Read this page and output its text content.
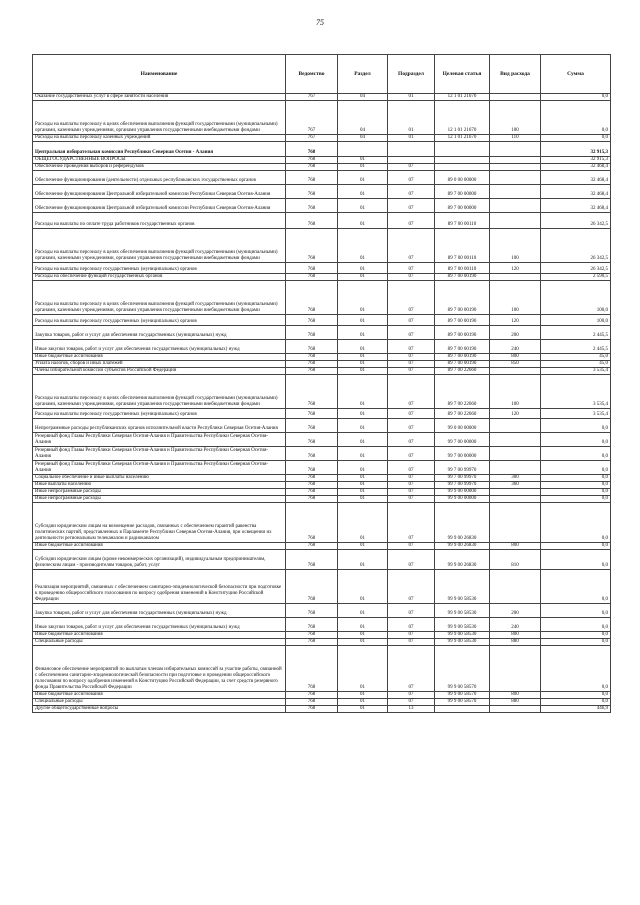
75
Наименование	Ведомство	Раздел	Подраздел	Целевая статья	Вид расхода	Сумма
Оказание государственных услуг в сфере занятости населения	767	04	01	12 1 01 21670		0,0
Расходы на выплаты персоналу в целях обеспечения выполнения функций государственными (муниципальными) органами, казенными учреждениями, органами управления государственными внебюджетными фондами	767	04	01	12 1 01 21670	100	0,0
Расходы на выплаты персоналу казенных учреждений	767	04	01	12 1 01 21670	110	0,0
Центральная избирательная комиссия Республики Северная Осетия - Алания	768					32 915,3
ОБЩЕГОСУДАРСТВЕННЫЕ ВОПРОСЫ	768	01				32 915,3
Обеспечение проведения выборов и референдумов	768	01	07			32 468,4
Обеспечение функционирования (деятельности) отдельных республиканских государственных органов	768	01	07	89 0 00 00000		32 468,4
Обеспечение функционирования Центральной избирательной комиссии Республики Северная Осетия-Алания	768	01	07	89 7 00 00000		32 468,4
Обеспечение функционирования Центральной избирательной комиссии Республики Северная Осетия-Алания	768	01	07	89 7 00 00000		32 468,4
Расходы на выплаты по оплате труда работников государственных органов	768	01	07	89 7 00 00110		26 342,5
Расходы на выплаты персоналу в целях обеспечения выполнения функций государственными (муниципальными) органами, казенными учреждениями, органами управления государственными внебюджетными фондами	768	01	07	89 7 00 00110	100	26 342,5
Расходы на выплаты персоналу государственных (муниципальных) органов	768	01	07	89 7 00 00110	120	26 342,5
Расходы на обеспечение функций государственных органов	768	01	07	89 7 00 00190		2 590,5
Расходы на выплаты персоналу в целях обеспечения выполнения функций государственными (муниципальными) органами, казенными учреждениями, органами управления государственными внебюджетными фондами	768	01	07	89 7 00 00190	100	100,0
Расходы на выплаты персоналу государственных (муниципальных) органов	768	01	07	89 7 00 00190	120	100,0
Закупка товаров, работ и услуг для обеспечения государственных (муниципальных) нужд	768	01	07	89 7 00 00190	200	2 445,5
Иные закупки товаров, работ и услуг для обеспечения государственных (муниципальных) нужд	768	01	07	89 7 00 00190	240	2 445,5
Иные бюджетные ассигнования	768	01	07	89 7 00 00190	800	45,0
Уплата налогов, сборов и иных платежей	768	01	07	89 7 00 00190	850	45,0
Члены избирательной комиссии субъектов Российской Федерации	768	01	07	89 7 00 22660		3 535,4
Расходы на выплаты персоналу в целях обеспечения выполнения функций государственными (муниципальными) органами, казенными учреждениями, органами управления государственными внебюджетными фондами	768	01	07	89 7 00 22660	100	3 535,4
Расходы на выплаты персоналу государственных (муниципальных) органов	768	01	07	89 7 00 22660	120	3 535,4
Непрограммные расходы республиканских органов исполнительной власти Республики Северная Осетия-Алания	768	01	07	99 0 00 00000		0,0
Резервный фонд Главы Республики Северная Осетия-Алания и Правительства Республики Северная Осетия-Алания	768	01	07	99 7 00 00000		0,0
Резервный фонд Главы Республики Северная Осетия-Алания и Правительства Республики Северная Осетия-Алания	768	01	07	99 7 00 00000		0,0
Резервный фонд Главы Республики Северная Осетия-Алания и Правительства Республики Северная Осетия-Алания	768	01	07	99 7 00 99970		0,0
Социальное обеспечение и иные выплаты населению	768	01	07	99 7 00 99970	300	0,0
Иные выплаты населению	768	01	07	99 7 00 99970	360	0,0
Иные непрограммные расходы	768	01	07	99 9 00 00000		0,0
Иные непрограммные расходы	768	01	07	99 9 00 00000		0,0
Субсидии юридическим лицам на возмещение расходов, связанных с обеспечением гарантий равенства политических партий, представленных в Парламенте Республики Северная Осетия-Алания, при освещении их деятельности региональным телеканалом и радиоканалом	768	01	07	99 9 00 26830		0,0
Иные бюджетные ассигнования	768	01	07	99 9 00 26830	800	0,0
Субсидии юридическим лицам (кроме некоммерческих организаций), индивидуальным предпринимателям, физическим лицам - производителям товаров, работ, услуг	768	01	07	99 9 00 26830	810	0,0
Реализация мероприятий, связанных с обеспечением санитарно-эпидемиологической безопасности при подготовке к проведению общероссийского голосования по вопросу одобрения изменений в Конституцию Российской Федерации	768	01	07	99 9 00 58530		0,0
Закупка товаров, работ и услуг для обеспечения государственных (муниципальных) нужд	768	01	07	99 9 00 58530	200	0,0
Иные закупки товаров, работ и услуг для обеспечения государственных (муниципальных) нужд	768	01	07	99 9 00 58530	240	0,0
Иные бюджетные ассигнования	768	01	07	99 9 00 58530	800	0,0
Специальные расходы	768	01	07	99 9 00 58530	880	0,0
Финансовое обеспечение мероприятий по выплатам членам избирательных комиссий за участие работы, связанной с обеспечением санитарно-эпидемиологической безопасности при подготовке и проведении общероссийского голосования по вопросу одобрения изменений в Конституцию Российской Федерации, за счет средств резервного фонда Правительства Российской Федерации	768	01	07	99 9 00 58570		0,0
Иные бюджетные ассигнования	768	01	07	99 9 00 58570	800	0,0
Специальные расходы	768	01	07	99 9 00 58570	880	0,0
Другие общегосударственные вопросы	768	01	13			446,9
